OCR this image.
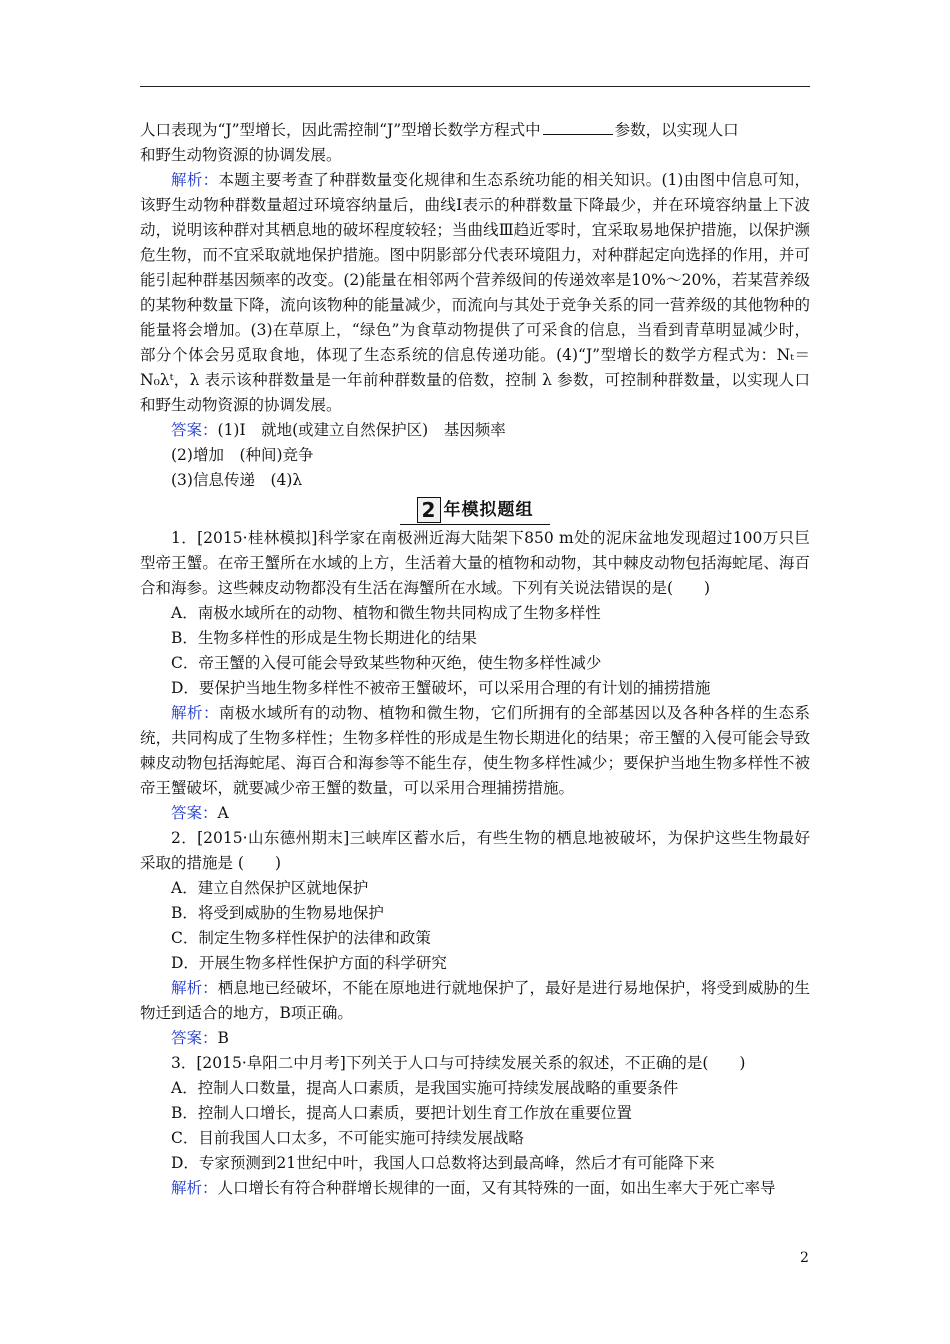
人口表现为“J”型增长，因此需控制“J”型增长数学方程式中	参数，以实现人口
和野生动物资源的协调发展。

解析：本题主要考查了种群数量变化规律和生态系统功能的相关知识。(1)由图中信息可知，该野生动物种群数量超过环境容纳量后，曲线Ⅰ表示的种群数量下降最少，并在环境容纳量上下波动，说明该种群对其栖息地的破坏程度较轻；当曲线Ⅲ趋近零时，宜采取易地保护措施，以保护濒危生物，而不宜采取就地保护措施。图中阴影部分代表环境阻力，对种群起定向选择的作用，并可能引起种群基因频率的改变。(2)能量在相邻两个营养级间的传递效率是10%～20%，若某营养级的某物种数量下降，流向该物种的能量减少，而流向与其处于竞争关系的同一营养级的其他物种的能量将会增加。(3)在草原上，“绿色”为食草动物提供了可采食的信息，当看到青草明显减少时，部分个体会另觅取食地，体现了生态系统的信息传递功能。(4)“J”型增长的数学方程式为：Nₜ＝N₀λᵗ，λ 表示该种群数量是一年前种群数量的倍数，控制 λ 参数，可控制种群数量，以实现人口和野生动物资源的协调发展。

答案：(1)Ⅰ　就地(或建立自然保护区)　基因频率

(2)增加　(种间)竞争

(3)信息传递　(4)λ

2 年模拟题组

1．[2015·桂林模拟]科学家在南极洲近海大陆架下850 m处的泥床盆地发现超过100万只巨型帝王蟹。在帝王蟹所在水域的上方，生活着大量的植物和动物，其中棘皮动物包括海蛇尾、海百合和海参。这些棘皮动物都没有生活在海蟹所在水域。下列有关说法错误的是(　　)

A．南极水域所在的动物、植物和微生物共同构成了生物多样性

B．生物多样性的形成是生物长期进化的结果

C．帝王蟹的入侵可能会导致某些物种灭绝，使生物多样性减少

D．要保护当地生物多样性不被帝王蟹破坏，可以采用合理的有计划的捕捞措施

解析：南极水域所有的动物、植物和微生物，它们所拥有的全部基因以及各种各样的生态系统，共同构成了生物多样性；生物多样性的形成是生物长期进化的结果；帝王蟹的入侵可能会导致棘皮动物包括海蛇尾、海百合和海参等不能生存，使生物多样性减少；要保护当地生物多样性不被帝王蟹破坏，就要减少帝王蟹的数量，可以采用合理捕捞措施。

答案：A

2．[2015·山东德州期末]三峡库区蓄水后，有些生物的栖息地被破坏，为保护这些生物最好采取的措施是 (　　)

A．建立自然保护区就地保护

B．将受到威胁的生物易地保护

C．制定生物多样性保护的法律和政策

D．开展生物多样性保护方面的科学研究

解析：栖息地已经破坏，不能在原地进行就地保护了，最好是进行易地保护，将受到威胁的生物迁到适合的地方，B项正确。

答案：B

3．[2015·阜阳二中月考]下列关于人口与可持续发展关系的叙述，不正确的是(　　)

A．控制人口数量，提高人口素质，是我国实施可持续发展战略的重要条件

B．控制人口增长，提高人口素质，要把计划生育工作放在重要位置

C．目前我国人口太多，不可能实施可持续发展战略

D．专家预测到21世纪中叶，我国人口总数将达到最高峰，然后才有可能降下来

解析：人口增长有符合种群增长规律的一面，又有其特殊的一面，如出生率大于死亡率导

2
